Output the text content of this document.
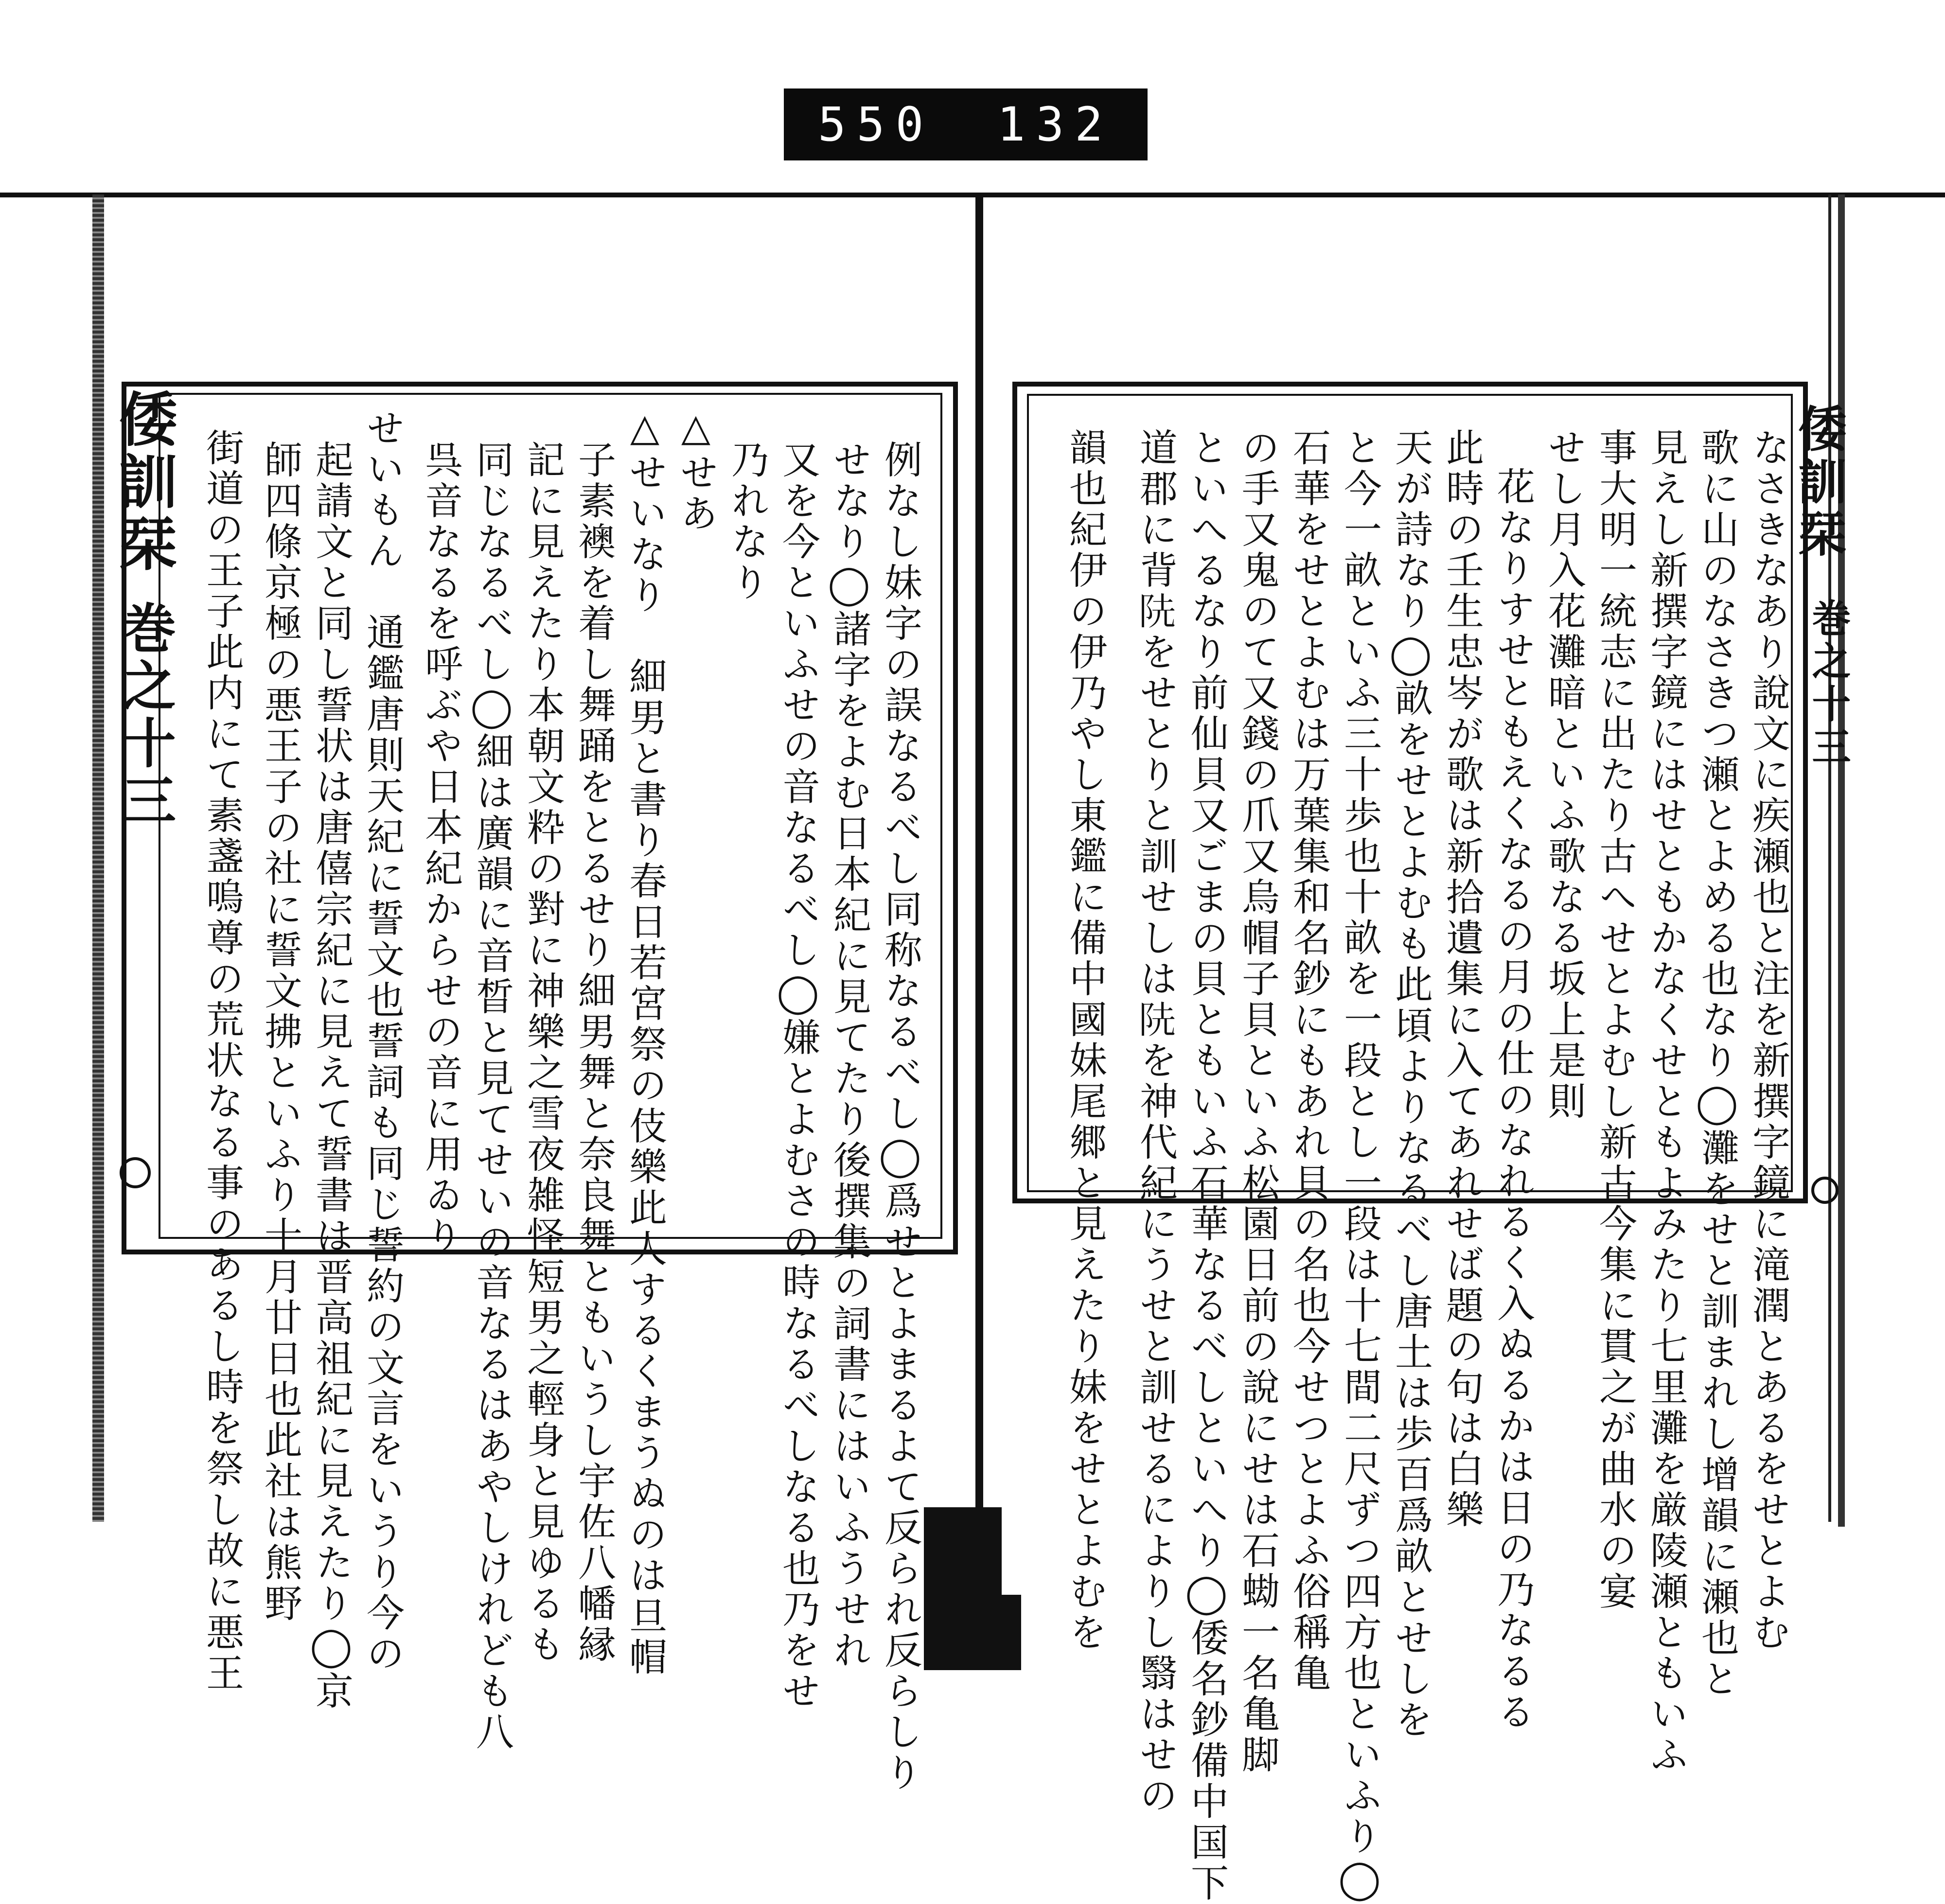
550 132
倭訓栞
巻之十三	例なし妹字の誤なるべし同称なるべし◯爲せとよまるよて反られ反らしり
せなり◯諸字をよむ日本紀に見てたり後撰集の詞書にはいふうせれ
又を今といふせの音なるべし◯嫌とよむさの時なるべしなる也乃をせ
乃れなり
△せあ
△せいなり　細男と書り春日若宮祭の伎樂此人するくまうぬのは旦帽
子素襖を着し舞踊をとるせり細男舞と奈良舞ともいうし宇佐八幡縁
記に見えたり本朝文粋の對に神樂之雪夜雑怪短男之輕身と見ゆるも
同じなるべし◯細は廣韻に音晳と見てせいの音なるはあやしけれども八
呉音なるを呼ぶや日本紀からせの音に用ゐり
せいもん　通鑑唐則天紀に誓文也誓詞も同じ誓約の文言をいうり今の
起請文と同し誓状は唐僖宗紀に見えて誓書は晋高祖紀に見えたり◯京
師四條京極の悪王子の社に誓文拂といふり十月廿日也此社は熊野
街道の王子此内にて素盞嗚尊の荒状なる事のあるし時を祭し故に悪王	倭訓栞
巻之十三
なさきなあり說文に疾瀬也と注を新撰字鏡に滝潤とあるをせとよむ
歌に山のなさきつ瀬とよめる也なり◯灘をせと訓まれし增韻に瀬也と
見えし新撰字鏡にはせともかなくせともよみたり七里灘を厳陵瀬ともいふ
事大明一統志に出たり古へせとよむし新古今集に貫之が曲水の宴
せし月入花灘暗といふ歌なる坂上是則
花なりすせともえくなるの月の仕のなれるく入ぬるかは日の乃なるる
此時の壬生忠岑が歌は新拾遺集に入てあれせば題の句は白樂
天が詩なり◯畝をせとよむも此頃よりなるべし唐土は歩百爲畝とせしを
と今一畝といふ三十歩也十畝を一段とし一段は十七間二尺ずつ四方也といふり◯
石華をせとよむは万葉集和名鈔にもあれ貝の名也今せつとよふ俗稱亀
の手又鬼のて又錢の爪又烏帽子貝といふ松園日前の說にせは石蜐一名亀脚
といへるなり前仙貝又ごまの貝ともいふ石華なるべしといへり◯倭名鈔備中国下
道郡に背𨸪をせとりと訓せしは𨸪を神代紀にうせと訓せるによりし翳はせの
韻也紀伊の伊乃やし東鑑に備中國妹尾郷と見えたり妹をせとよむを
